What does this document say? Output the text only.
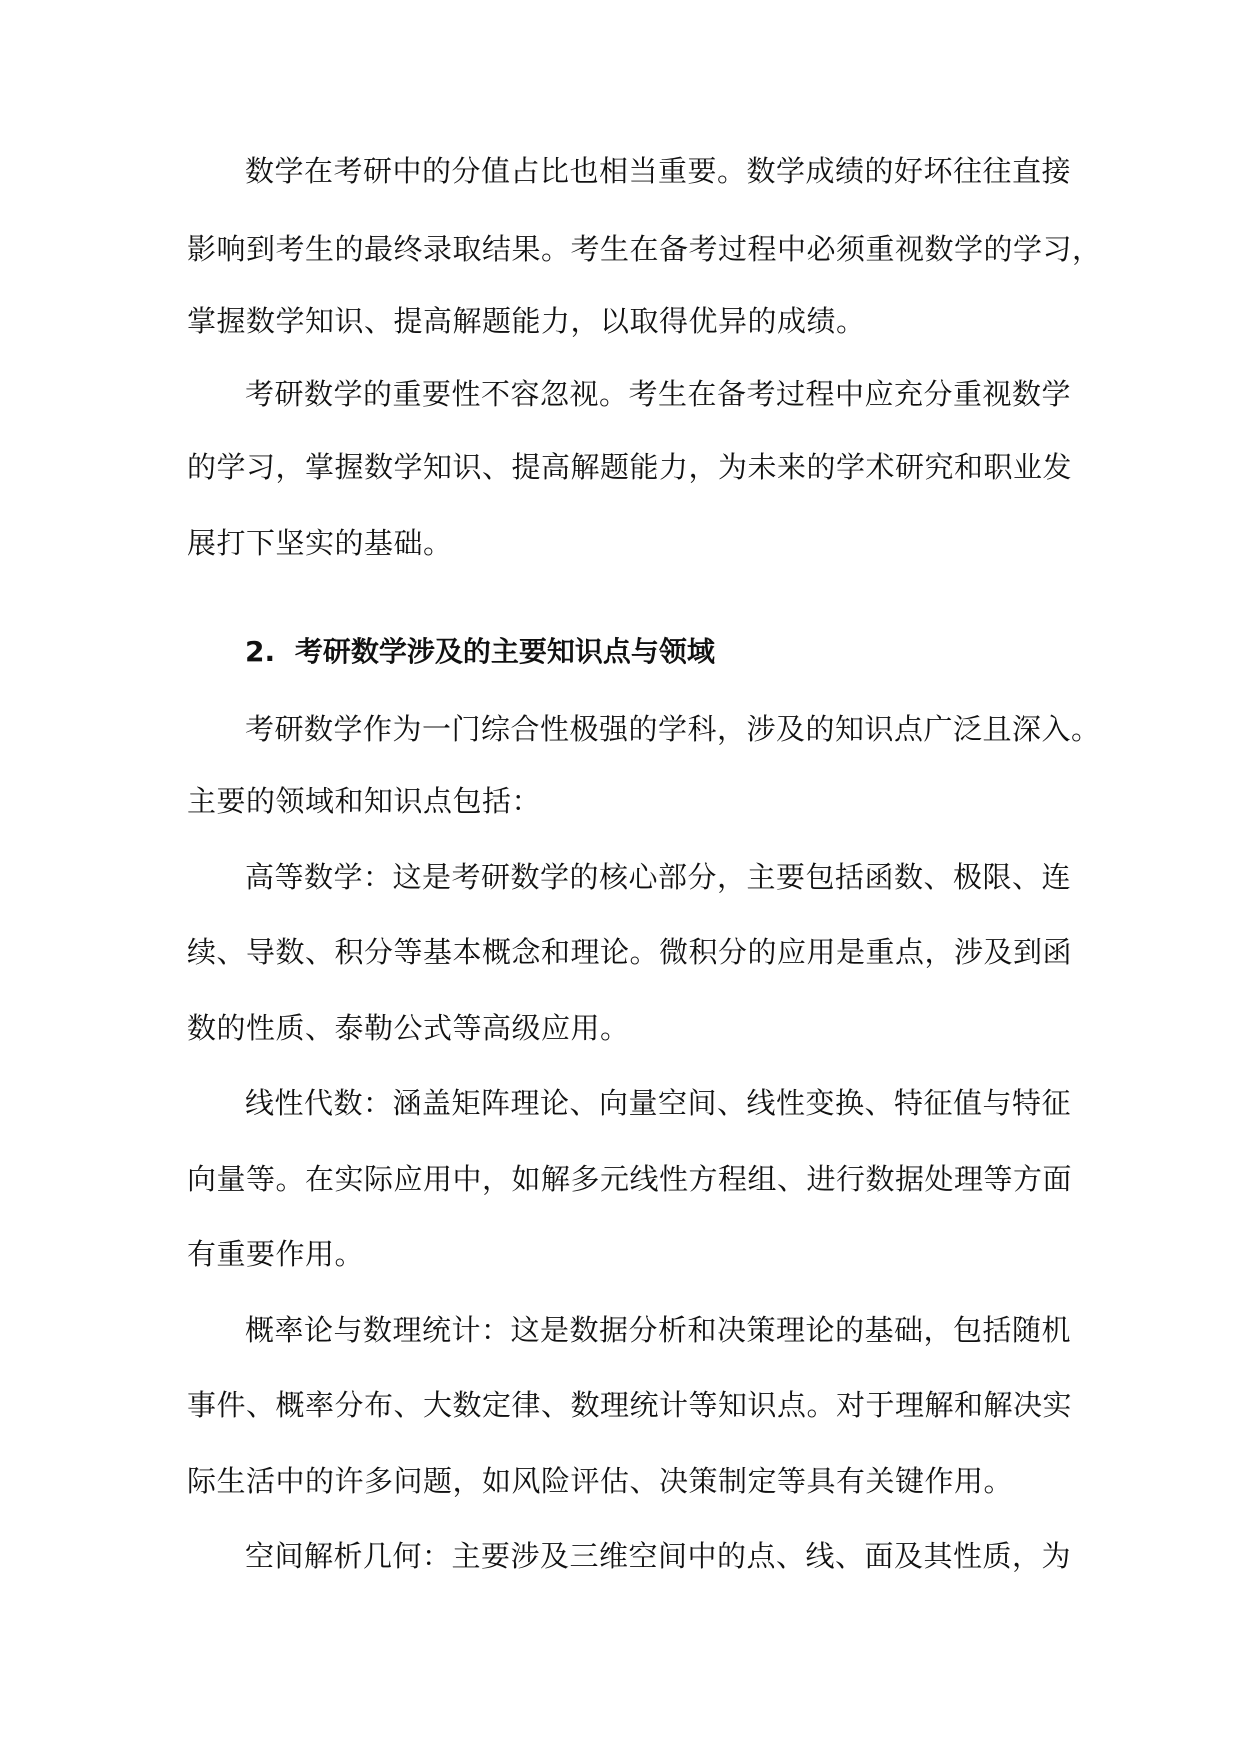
数学在考研中的分值占比也相当重要。数学成绩的好坏往往直接
影响到考生的最终录取结果。考生在备考过程中必须重视数学的学习，
掌握数学知识、提高解题能力，以取得优异的成绩。
考研数学的重要性不容忽视。考生在备考过程中应充分重视数学
的学习，掌握数学知识、提高解题能力，为未来的学术研究和职业发
展打下坚实的基础。
2. 考研数学涉及的主要知识点与领域
考研数学作为一门综合性极强的学科，涉及的知识点广泛且深入。
主要的领域和知识点包括：
高等数学：这是考研数学的核心部分，主要包括函数、极限、连
续、导数、积分等基本概念和理论。微积分的应用是重点，涉及到函
数的性质、泰勒公式等高级应用。
线性代数：涵盖矩阵理论、向量空间、线性变换、特征值与特征
向量等。在实际应用中，如解多元线性方程组、进行数据处理等方面
有重要作用。
概率论与数理统计：这是数据分析和决策理论的基础，包括随机
事件、概率分布、大数定律、数理统计等知识点。对于理解和解决实
际生活中的许多问题，如风险评估、决策制定等具有关键作用。
空间解析几何：主要涉及三维空间中的点、线、面及其性质，为
